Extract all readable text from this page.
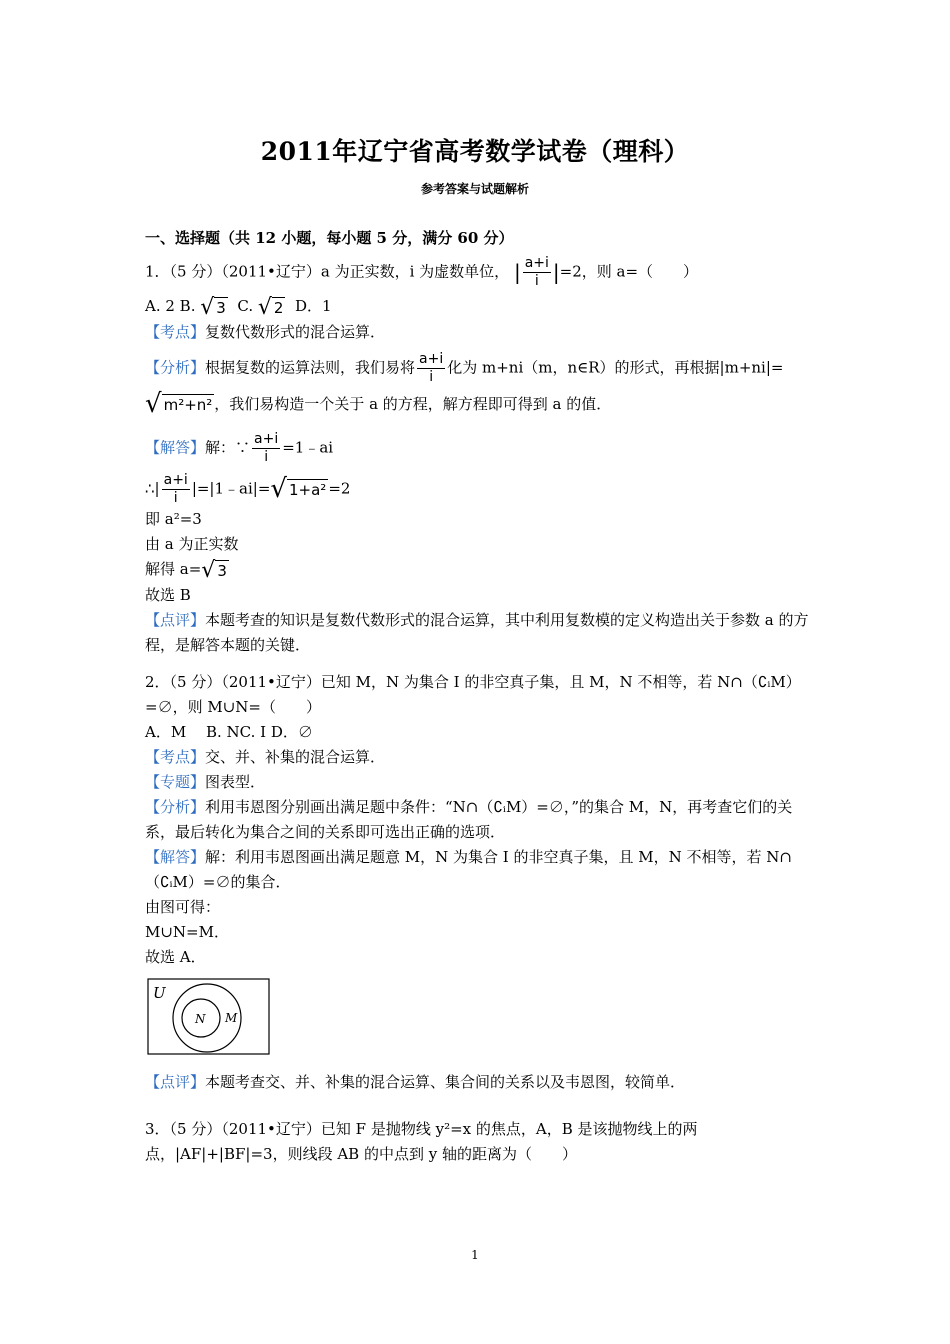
2011年辽宁省高考数学试卷（理科）
参考答案与试题解析
一、选择题（共 12 小题，每小题 5 分，满分 60 分）
1．（5 分）（2011•辽宁）a 为正实数，i 为虚数单位， | $\frac{a+i}{i} |=2$，则 a=（　　）
A. 2 B. √ 3 C. √ 2 D．1
【考点】复数代数形式的混合运算．
【分析】根据复数的运算法则，我们易将 $\frac{a+i}{i}$ 化为 m+ni（m，n∈R）的形式，再根据|m+ni|=
√ m²+n² ，我们易构造一个关于 a 的方程，解方程即可得到 a 的值．
【解答】解：∵ $\frac{a+i}{i}$ =1﹣ai
∴| $\frac{a+i}{i}$ |=|1﹣ai|=√ 1+a² =2
即 a²=3
由 a 为正实数
解得 a=√ 3
故选 B
【点评】本题考查的知识是复数代数形式的混合运算，其中利用复数模的定义构造出关于参数 a 的方程，是解答本题的关键．
2．（5 分）（2011•辽宁）已知 M，N 为集合 I 的非空真子集，且 M，N 不相等，若 N∩（∁ᵢM）=∅，则 M∪N=（　　）
A．M　 B. NC. I D．∅
【考点】交、并、补集的混合运算．
【专题】图表型．
【分析】利用韦恩图分别画出满足题中条件：“N∩（∁ᵢM）=∅，”的集合 M，N，再考查它们的关系，最后转化为集合之间的关系即可选出正确的选项．
【解答】解：利用韦恩图画出满足题意 M，N 为集合 I 的非空真子集，且 M，N 不相等，若 N∩ （∁ᵢM）=∅的集合．
由图可得：
M∪N=M．
故选 A．
U
N M
【点评】本题考查交、并、补集的混合运算、集合间的关系以及韦恩图，较简单．
3．（5 分）（2011•辽宁）已知 F 是抛物线 y²=x 的焦点，A，B 是该抛物线上的两点，|AF|+|BF|=3，则线段 AB 的中点到 y 轴的距离为（　　）
1
